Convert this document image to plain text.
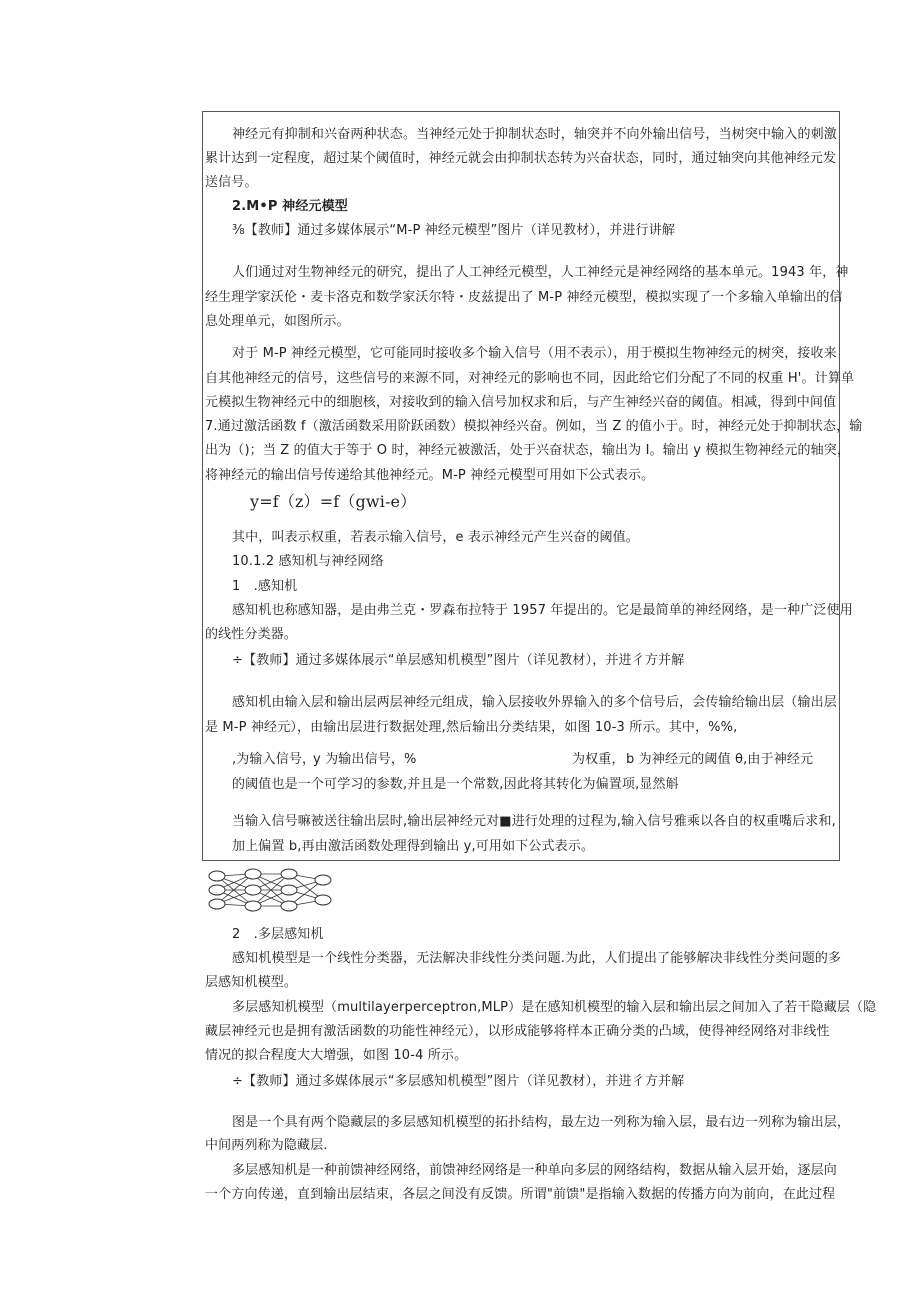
神经元有抑制和兴奋两种状态。当神经元处于抑制状态时，轴突并不向外输出信号，当树突中输入的刺激
累计达到一定程度，超过某个阈值时，神经元就会由抑制状态转为兴奋状态，同时，通过轴突向其他神经元发
送信号。
2.M•P 神经元模型
⅜【教师】通过多媒体展示“M-P 神经元模型”图片（详见教材），并进行讲解
人们通过对生物神经元的研究，提出了人工神经元模型，人工神经元是神经网络的基本单元。1943 年，神
经生理学家沃伦・麦卡洛克和数学家沃尔特・皮兹提出了 M-P 神经元模型，模拟实现了一个多输入单输出的信
息处理单元，如图所示。
对于 M-P 神经元模型，它可能同时接收多个输入信号（用不表示），用于模拟生物神经元的树突，接收来
自其他神经元的信号，这些信号的来源不同，对神经元的影响也不同，因此给它们分配了不同的权重 H'。计算单
元模拟生物神经元中的细胞核，对接收到的输入信号加权求和后，与产生神经兴奋的阈值。相减，得到中间值
7.通过激活函数 f（激活函数采用阶跃函数）模拟神经兴奋。例如，当 Z 的值小于。时，神经元处于抑制状态，输
出为（)；当 Z 的值大于等于 O 时，神经元被激活，处于兴奋状态，输出为 I。输出 y 模拟生物神经元的轴突，
将神经元的输出信号传递给其他神经元。M-P 神经元模型可用如下公式表示。
y=f（z）=f（gwi-e）
其中，叫表示权重，若表示输入信号，e 表示神经元产生兴奋的阈值。
10.1.2 感知机与神经网络
1　.感知机
感知机也称感知器，是由弗兰克・罗森布拉特于 1957 年提出的。它是最简单的神经网络，是一种广泛使用
的线性分类器。
÷【教师】通过多媒体展示“单层感知机模型”图片（详见教材），并进彳方并解
感知机由输入层和输出层两层神经元组成，输入层接收外界输入的多个信号后，会传输给输出层（输出层
是 M-P 神经元），由输出层进行数据处理,然后输出分类结果，如图 10-3 所示。其中，%%,
,为输入信号，
y 为输出信号，%	为权重， b 为神经元的阈值 θ,由于神经元
的阈值也是一个可学习的参数,并且是一个常数,因此将其转化为偏置项,显然斛
当输入信号嘛被送往输出层时,输出层神经元对■进行处理的过程为,输入信号雅乘以各自的权重嘴后求和,
加上偏置 b,再由激活函数处理得到输出 y,可用如下公式表示。
2　.多层感知机
感知机模型是一个线性分类器，无法解决非线性分类问题.为此，人们提出了能够解决非线性分类问题的多
层感知机模型。
多层感知机模型（multilayerperceptron,MLP）是在感知机模型的输入层和输出层之间加入了若干隐藏层（隐
藏层神经元也是拥有激活函数的功能性神经元），以形成能够将样本正确分类的凸域，使得神经网络对非线性
情况的拟合程度大大增强，如图 10-4 所示。
÷【教师】通过多媒体展示“多层感知机模型”图片（详见教材），并进彳方并解
图是一个具有两个隐藏层的多层感知机模型的拓扑结构，最左边一列称为输入层，最右边一列称为输出层，
中间两列称为隐藏层.
多层感知机是一种前馈神经网络，前馈神经网络是一种单向多层的网络结构，数据从输入层开始，逐层向
一个方向传递，直到输出层结束，各层之间没有反馈。所谓"前馈"是指输入数据的传播方向为前向，在此过程
